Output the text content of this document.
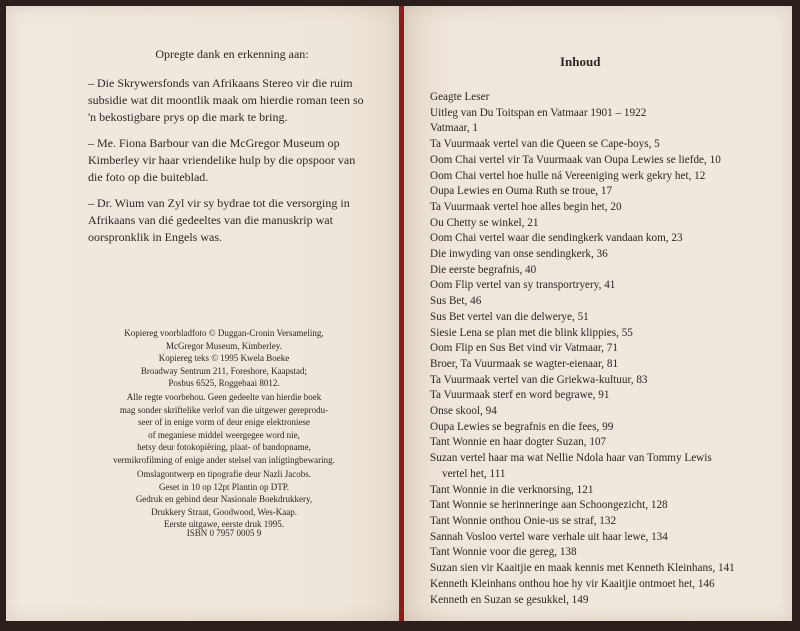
Opregte dank en erkenning aan:

– Die Skrywersfonds van Afrikaans Stereo vir die ruim subsidie wat dit moontlik maak om hierdie roman teen so 'n bekostigbare prys op die mark te bring.

– Me. Fiona Barbour van die McGregor Museum op Kimberley vir haar vriendelike hulp by die opspoor van die foto op die buiteblad.

– Dr. Wium van Zyl vir sy bydrae tot die versorging in Afrikaans van dié gedeeltes van die manuskrip wat oorspronklik in Engels was.

Kopiereg voorbladfoto © Duggan-Cronin Versameling,
McGregor Museum, Kimberley.
Kopiereg teks © 1995 Kwela Boeke
Broadway Sentrum 211, Foreshore, Kaapstad;
Posbus 6525, Roggebaai 8012.
Alle regte voorbehou. Geen gedeelte van hierdie boek
mag sonder skriftelike verlof van die uitgewer gereprodu-
seer of in enige vorm of deur enige elektroniese
of meganiese middel weergegee word nie,
hetsy deur fotokopiëring, plaat- of bandopname,
vermikrofilming of enige ander stelsel van inligtingbewaring.
Omslagontwerp en tipografie deur Nazli Jacobs.
Geset in 10 op 12pt Plantin op DTP.
Gedruk en gebind deur Nasionale Boekdrukkery,
Drukkery Straat, Goodwood, Wes-Kaap.
Eerste uitgawe, eerste druk 1995.
ISBN 0 7957 0005 9
Inhoud
Geagte Leser
Uitleg van Du Toitspan en Vatmaar 1901 – 1922
Vatmaar, 1
Ta Vuurmaak vertel van die Queen se Cape-boys, 5
Oom Chai vertel vir Ta Vuurmaak van Oupa Lewies se liefde, 10
Oom Chai vertel hoe hulle ná Vereeniging werk gekry het, 12
Oupa Lewies en Ouma Ruth se troue, 17
Ta Vuurmaak vertel hoe alles begin het, 20
Ou Chetty se winkel, 21
Oom Chai vertel waar die sendingkerk vandaan kom, 23
Die inwyding van onse sendingkerk, 36
Die eerste begrafnis, 40
Oom Flip vertel van sy transportryery, 41
Sus Bet, 46
Sus Bet vertel van die delwerye, 51
Siesie Lena se plan met die blink klippies, 55
Oom Flip en Sus Bet vind vir Vatmaar, 71
Broer, Ta Vuurmaak se wagter-eienaar, 81
Ta Vuurmaak vertel van die Griekwa-kultuur, 83
Ta Vuurmaak sterf en word begrawe, 91
Onse skool, 94
Oupa Lewies se begrafnis en die fees, 99
Tant Wonnie en haar dogter Suzan, 107
Suzan vertel haar ma wat Nellie Ndola haar van Tommy Lewis
vertel het, 111
Tant Wonnie in die verknorsing, 121
Tant Wonnie se herinneringe aan Schoongezicht, 128
Tant Wonnie onthou Onie-us se straf, 132
Sannah Vosloo vertel ware verhale uit haar lewe, 134
Tant Wonnie voor die gereg, 138
Suzan sien vir Kaaitjie en maak kennis met Kenneth Kleinhans, 141
Kenneth Kleinhans onthou hoe hy vir Kaaitjie ontmoet het, 146
Kenneth en Suzan se gesukkel, 149
